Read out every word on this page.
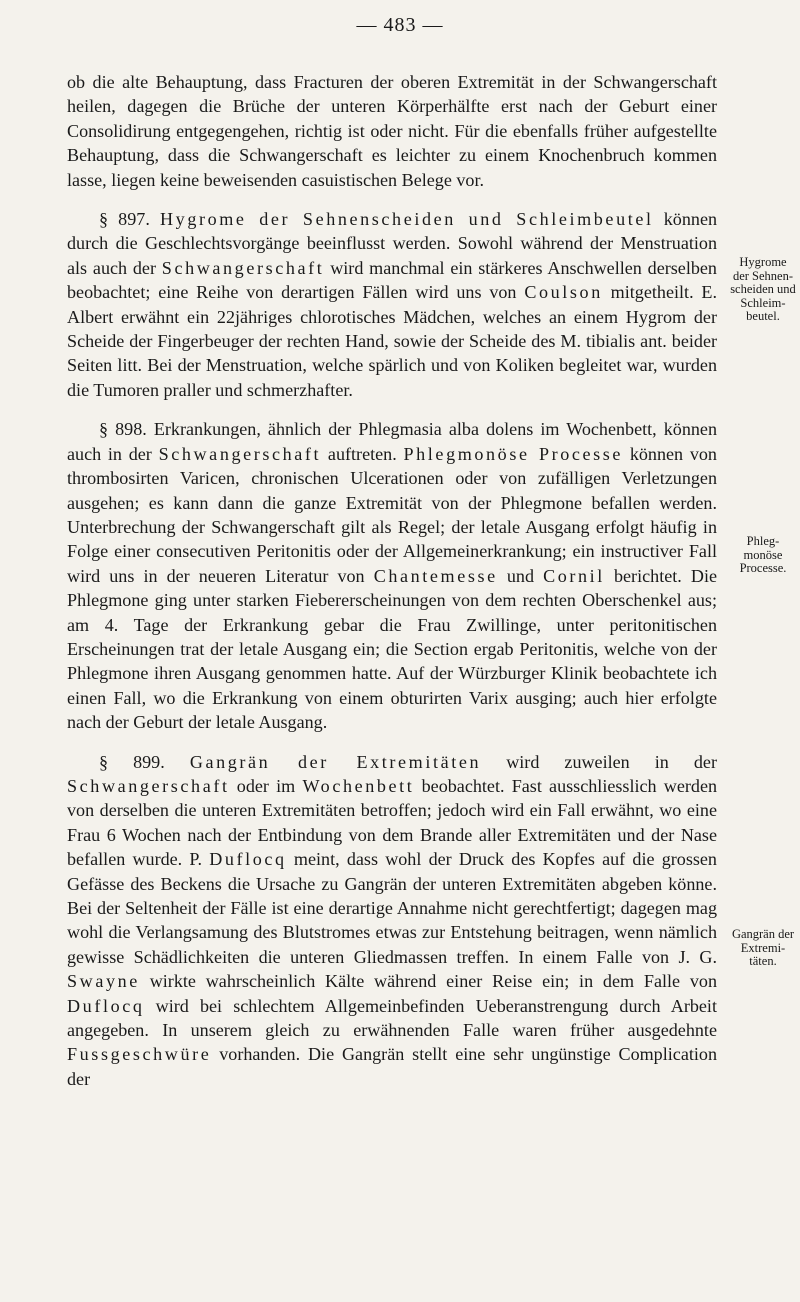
— 483 —

ob die alte Behauptung, dass Fracturen der oberen Extremität in der Schwangerschaft heilen, dagegen die Brüche der unteren Körperhälfte erst nach der Geburt einer Consolidirung entgegengehen, richtig ist oder nicht. Für die ebenfalls früher aufgestellte Behauptung, dass die Schwangerschaft es leichter zu einem Knochenbruch kommen lasse, liegen keine beweisenden casuistischen Belege vor.

§ 897. Hygrome der Sehnenscheiden und Schleimbeutel können durch die Geschlechtsvorgänge beeinflusst werden. Sowohl während der Menstruation als auch der Schwangerschaft wird manchmal ein stärkeres Anschwellen derselben beobachtet; eine Reihe von derartigen Fällen wird uns von Coulson mitgetheilt. E. Albert erwähnt ein 22jähriges chlorotisches Mädchen, welches an einem Hygrom der Scheide der Fingerbeuger der rechten Hand, sowie der Scheide des M. tibialis ant. beider Seiten litt. Bei der Menstruation, welche spärlich und von Koliken begleitet war, wurden die Tumoren praller und schmerzhafter.

§ 898. Erkrankungen, ähnlich der Phlegmasia alba dolens im Wochenbett, können auch in der Schwangerschaft auftreten. Phlegmonöse Processe können von thrombosirten Varicen, chronischen Ulcerationen oder von zufälligen Verletzungen ausgehen; es kann dann die ganze Extremität von der Phlegmone befallen werden. Unterbrechung der Schwangerschaft gilt als Regel; der letale Ausgang erfolgt häufig in Folge einer consecutiven Peritonitis oder der Allgemeinerkrankung; ein instructiver Fall wird uns in der neueren Literatur von Chantemesse und Cornil berichtet. Die Phlegmone ging unter starken Fiebererscheinungen von dem rechten Oberschenkel aus; am 4. Tage der Erkrankung gebar die Frau Zwillinge, unter peritonitischen Erscheinungen trat der letale Ausgang ein; die Section ergab Peritonitis, welche von der Phlegmone ihren Ausgang genommen hatte. Auf der Würzburger Klinik beobachtete ich einen Fall, wo die Erkrankung von einem obturirten Varix ausging; auch hier erfolgte nach der Geburt der letale Ausgang.

§ 899. Gangrän der Extremitäten wird zuweilen in der Schwangerschaft oder im Wochenbett beobachtet. Fast ausschliesslich werden von derselben die unteren Extremitäten betroffen; jedoch wird ein Fall erwähnt, wo eine Frau 6 Wochen nach der Entbindung von dem Brande aller Extremitäten und der Nase befallen wurde. P. Duflocq meint, dass wohl der Druck des Kopfes auf die grossen Gefässe des Beckens die Ursache zu Gangrän der unteren Extremitäten abgeben könne. Bei der Seltenheit der Fälle ist eine derartige Annahme nicht gerechtfertigt; dagegen mag wohl die Verlangsamung des Blutstromes etwas zur Entstehung beitragen, wenn nämlich gewisse Schädlichkeiten die unteren Gliedmassen treffen. In einem Falle von J. G. Swayne wirkte wahrscheinlich Kälte während einer Reise ein; in dem Falle von Duflocq wird bei schlechtem Allgemeinbefinden Ueberanstrengung durch Arbeit angegeben. In unserem gleich zu erwähnenden Falle waren früher ausgedehnte Fussgeschwüre vorhanden. Die Gangrän stellt eine sehr ungünstige Complication der

Hygrome der Sehnen-scheiden und Schleim-beutel.
Phleg-monöse Processe.
Gangrän der Extremi-täten.
